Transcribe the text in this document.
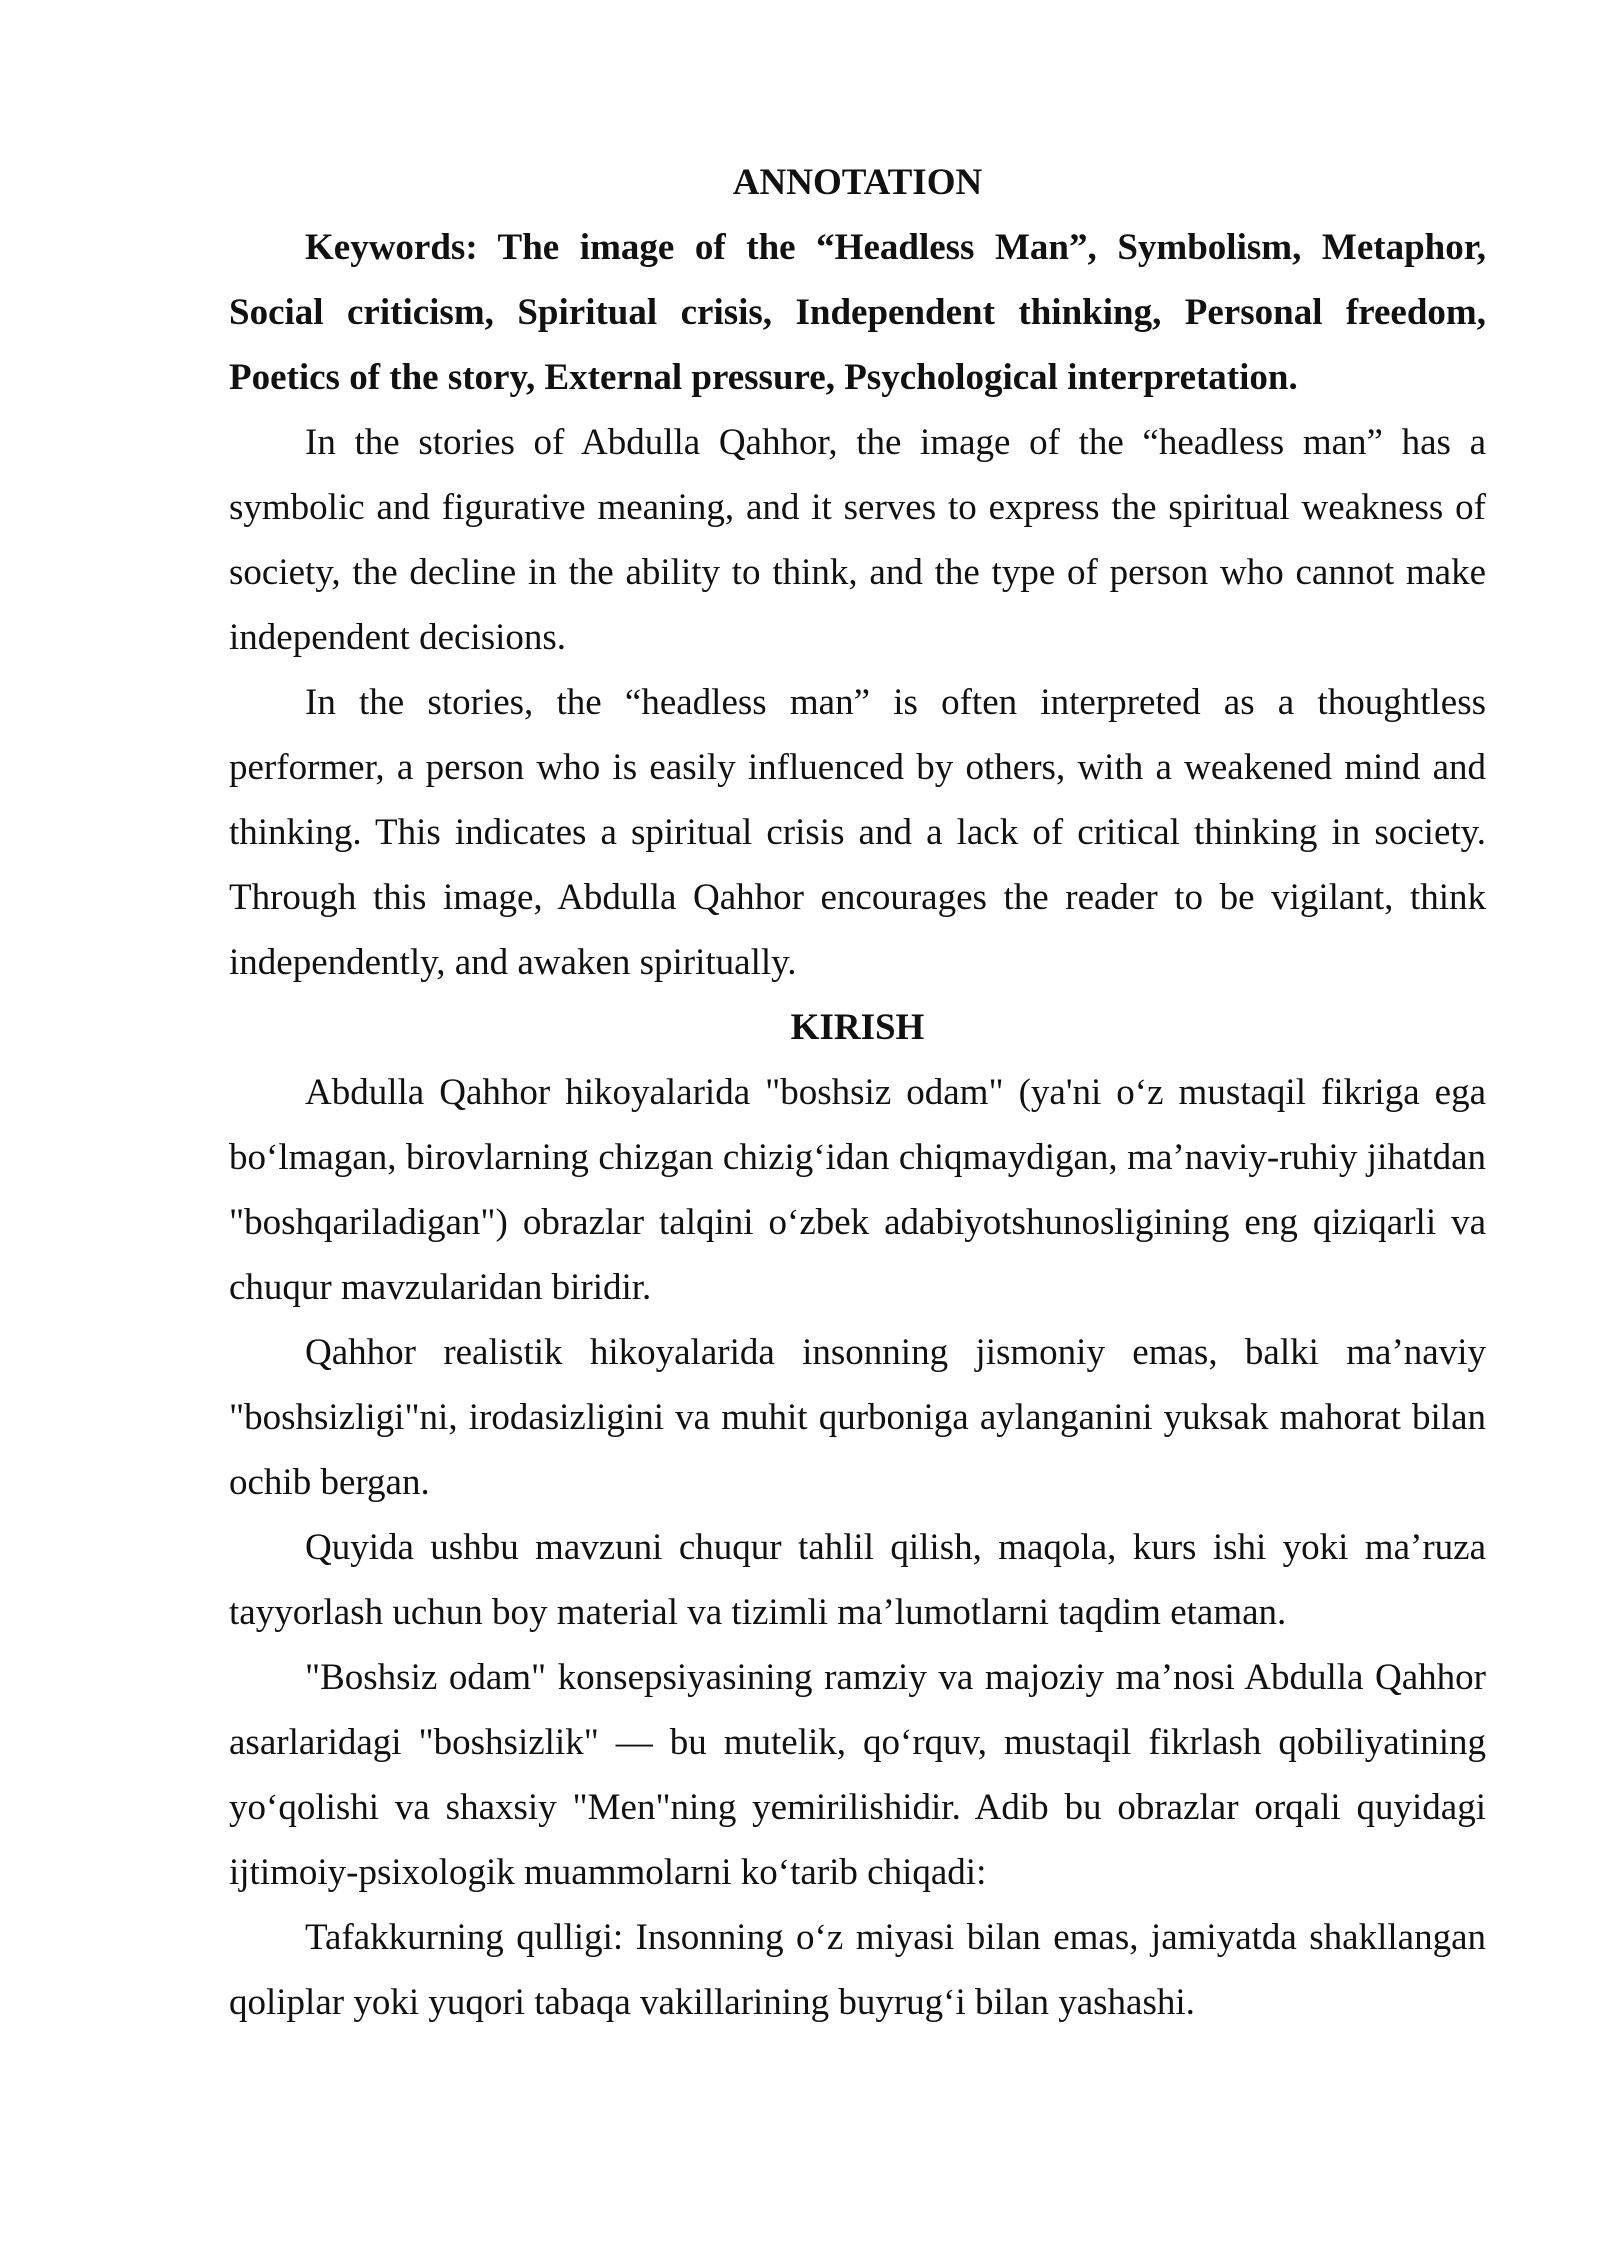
ANNOTATION

Keywords: The image of the “Headless Man”, Symbolism, Metaphor, Social criticism, Spiritual crisis, Independent thinking, Personal freedom, Poetics of the story, External pressure, Psychological interpretation.

In the stories of Abdulla Qahhor, the image of the “headless man” has a symbolic and figurative meaning, and it serves to express the spiritual weakness of society, the decline in the ability to think, and the type of person who cannot make independent decisions.

In the stories, the “headless man” is often interpreted as a thoughtless performer, a person who is easily influenced by others, with a weakened mind and thinking. This indicates a spiritual crisis and a lack of critical thinking in society. Through this image, Abdulla Qahhor encourages the reader to be vigilant, think independently, and awaken spiritually.

KIRISH

Abdulla Qahhor hikoyalarida "boshsiz odam" (ya'ni o‘z mustaqil fikriga ega bo‘lmagan, birovlarning chizgan chizig‘idan chiqmaydigan, ma’naviy-ruhiy jihatdan "boshqariladigan") obrazlar talqini o‘zbek adabiyotshunosligining eng qiziqarli va chuqur mavzularidan biridir.

Qahhor realistik hikoyalarida insonning jismoniy emas, balki ma’naviy "boshsizligi"ni, irodasizligini va muhit qurboniga aylanganini yuksak mahorat bilan ochib bergan.

Quyida ushbu mavzuni chuqur tahlil qilish, maqola, kurs ishi yoki ma’ruza tayyorlash uchun boy material va tizimli ma’lumotlarni taqdim etaman.

"Boshsiz odam" konsepsiyasining ramziy va majoziy ma’nosi Abdulla Qahhor asarlaridagi "boshsizlik" — bu mutelik, qo‘rquv, mustaqil fikrlash qobiliyatining yo‘qolishi va shaxsiy "Men"ning yemirilishidir. Adib bu obrazlar orqali quyidagi ijtimoiy-psixologik muammolarni ko‘tarib chiqadi:

Tafakkurning qulligi: Insonning o‘z miyasi bilan emas, jamiyatda shakllangan qoliplar yoki yuqori tabaqa vakillarining buyrug‘i bilan yashashi.
